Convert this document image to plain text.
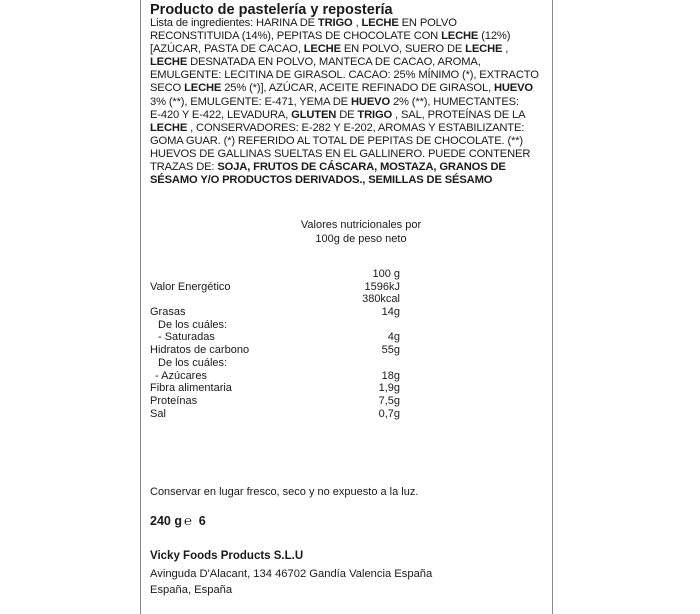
Producto de pastelería y repostería

Lista de ingredientes: HARINA DE TRIGO , LECHE EN POLVO

RECONSTITUIDA (14%), PEPITAS DE CHOCOLATE CON LECHE (12%)

[AZÚCAR, PASTA DE CACAO, LECHE EN POLVO, SUERO DE LECHE ,

LECHE DESNATADA EN POLVO, MANTECA DE CACAO, AROMA,

EMULGENTE: LECITINA DE GIRASOL. CACAO: 25% MÍNIMO (*), EXTRACTO

SECO LECHE 25% (*)], AZÚCAR, ACEITE REFINADO DE GIRASOL, HUEVO

3% (**), EMULGENTE: E-471, YEMA DE HUEVO 2% (**), HUMECTANTES:

E-420 Y E-422, LEVADURA, GLUTEN DE TRIGO , SAL, PROTEÍNAS DE LA

LECHE , CONSERVADORES: E-282 Y E-202, AROMAS Y ESTABILIZANTE:

GOMA GUAR. (*) REFERIDO AL TOTAL DE PEPITAS DE CHOCOLATE. (**)

HUEVOS DE GALLINAS SUELTAS EN EL GALLINERO. PUEDE CONTENER

TRAZAS DE: SOJA, FRUTOS DE CÁSCARA, MOSTAZA, GRANOS DE

SÉSAMO Y/O PRODUCTOS DERIVADOS., SEMILLAS DE SÉSAMO

Valores nutricionales por
100g de peso neto
100 g
Valor Energético	1596kJ
380kcal
Grasas	14g
De los cuáles:
- Saturadas	4g
Hidratos de carbono	55g
De los cuáles:
- Azúcares	18g
Fibra alimentaria	1,9g
Proteínas	7,5g
Sal	0,7g
Conservar en lugar fresco, seco y no expuesto a la luz.
240 g ℮ 6
Vicky Foods Products S.L.U
Avinguda D'Alacant, 134 46702 Gandía Valencia España
España, España
